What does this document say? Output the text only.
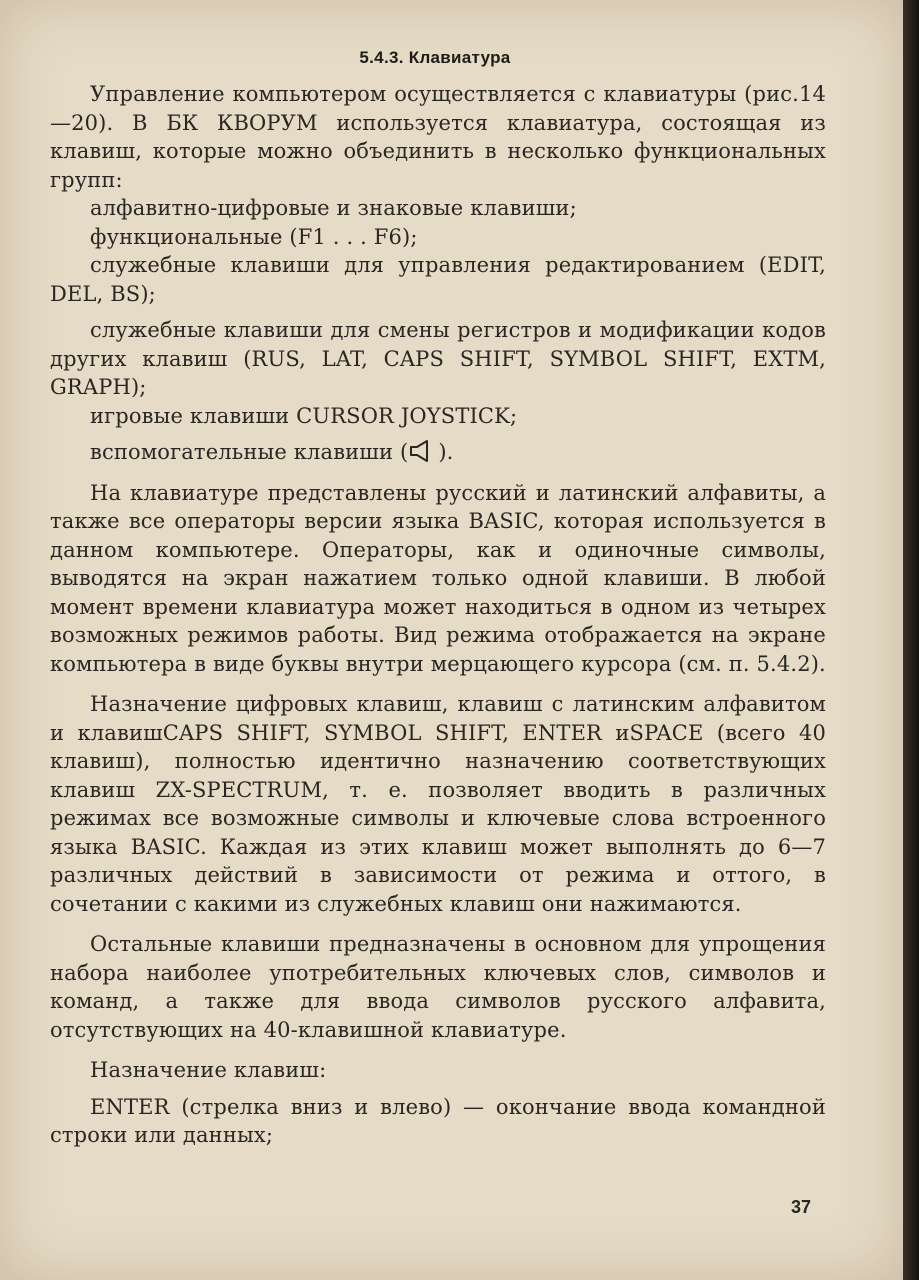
5.4.3. Клавиатура

Управление компьютером осуществляется с клавиатуры (рис.14—20). В БК КВОРУМ используется клавиатура, состоящая из клавиш, которые можно объединить в несколько функциональных групп:

алфавитно-цифровые и знаковые клавиши;

функциональные (F1 . . . F6);

служебные клавиши для управления редактированием (EDIT, DEL, BS);

служебные клавиши для смены регистров и модификации кодов других клавиш (RUS, LAT, CAPS SHIFT, SYMBOL SHIFT, EXTM, GRAPH);

игровые клавиши CURSOR JOYSTICK;

вспомогательные клавиши ( ).

На клавиатуре представлены русский и латинский алфавиты, а также все операторы версии языка BASIC, которая используется в данном компьютере. Операторы, как и одиночные символы, выводятся на экран нажатием только одной клавиши. В любой момент времени клавиатура может находиться в одном из четырех возможных режимов работы. Вид режима отображается на экране компьютера в виде буквы внутри мерцающего курсора (см. п. 5.4.2).

Назначение цифровых клавиш, клавиш с латинским алфавитом и клавишCAPS SHIFT, SYMBOL SHIFT, ENTER иSPACE (всего 40 клавиш), полностью идентично назначению соответствующих клавиш ZX-SPECTRUM, т. е. позволяет вводить в различных режимах все возможные символы и ключевые слова встроенного языка BASIC. Каждая из этих клавиш может выполнять до 6—7 различных действий в зависимости от режима и оттого, в сочетании с какими из служебных клавиш они нажимаются.

Остальные клавиши предназначены в основном для упрощения набора наиболее употребительных ключевых слов, символов и команд, а также для ввода символов русского алфавита, отсутствующих на 40-клавишной клавиатуре.

Назначение клавиш:

ENTER (стрелка вниз и влево) — окончание ввода командной строки или данных;

37
